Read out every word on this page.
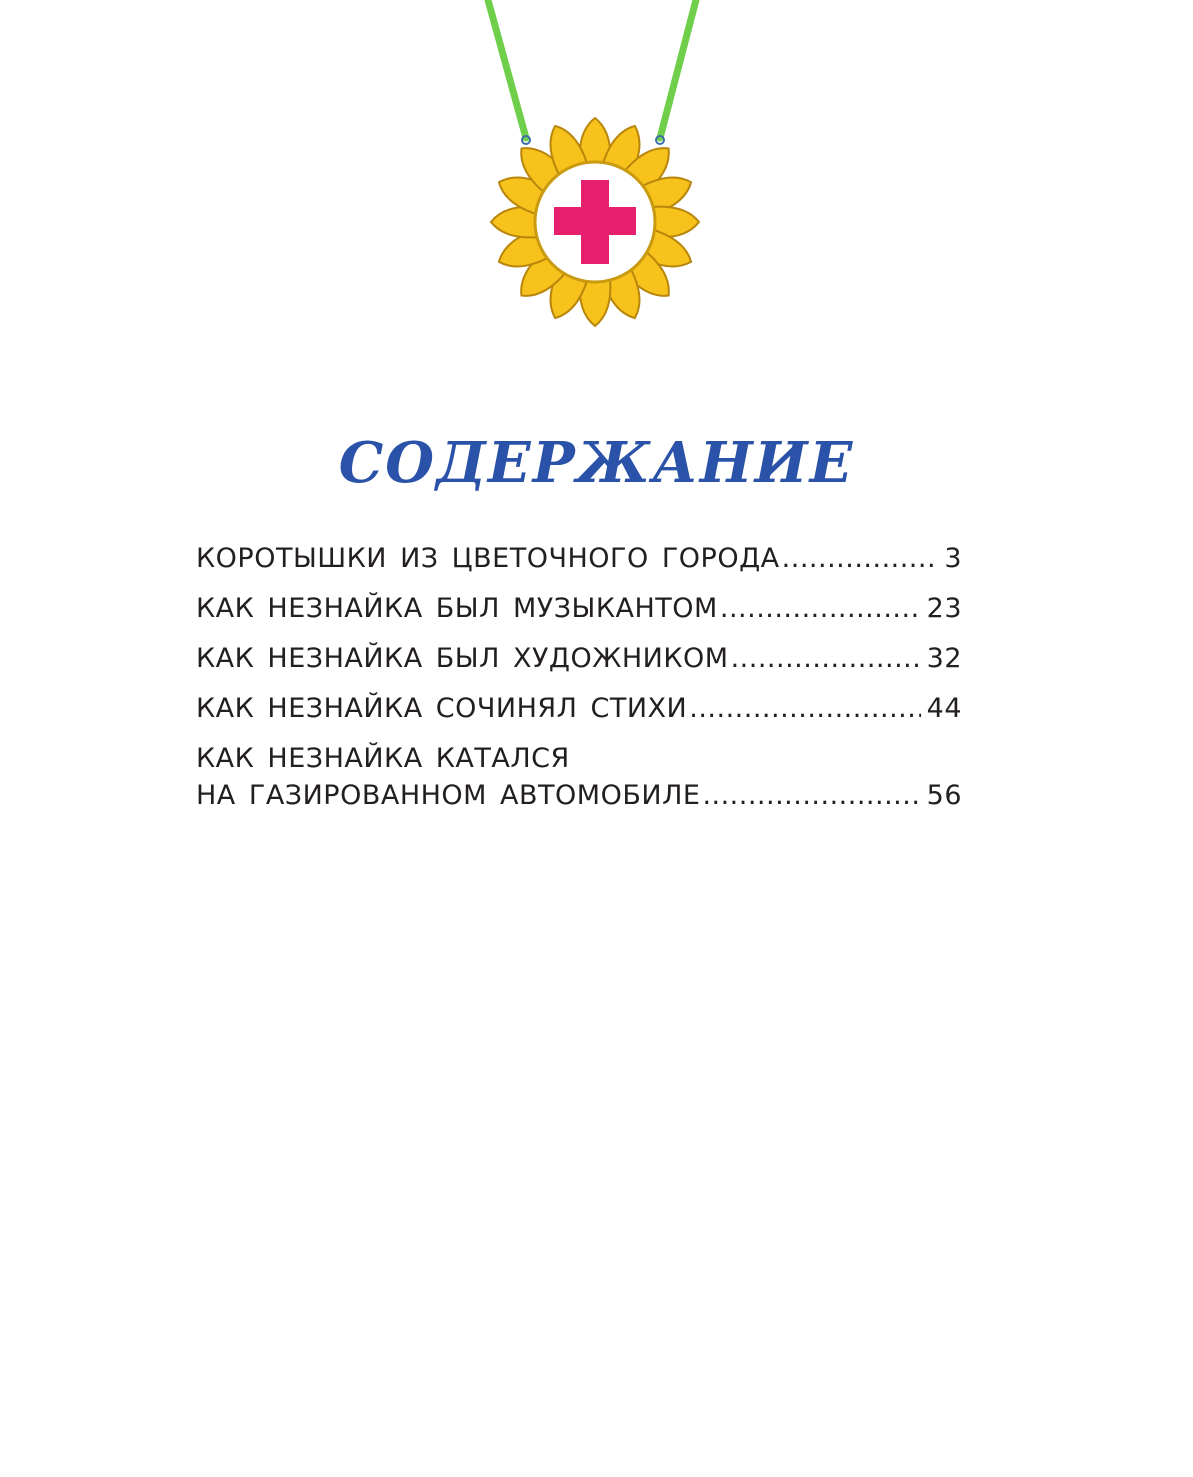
СОДЕРЖАНИЕ
КОРОТЫШКИ ИЗ ЦВЕТОЧНОГО ГОРОДА .....	3
КАК НЕЗНАЙКА БЫЛ МУЗЫКАНТОМ .....	23
КАК НЕЗНАЙКА БЫЛ ХУДОЖНИКОМ .....	32
КАК НЕЗНАЙКА СОЧИНЯЛ СТИХИ .....	44
КАК НЕЗНАЙКА КАТАЛСЯ
НА ГАЗИРОВАННОМ АВТОМОБИЛЕ .....	56
